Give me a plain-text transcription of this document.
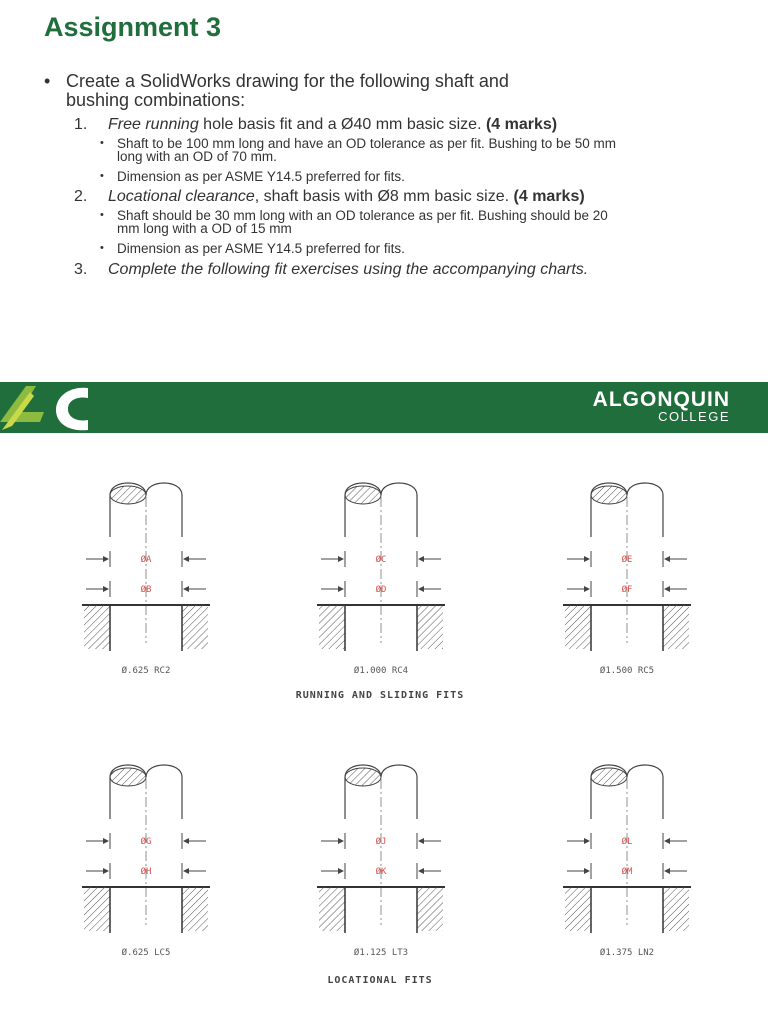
Assignment 3
• Create a SolidWorks drawing for the following shaft and
bushing combinations:
1. Free running hole basis fit and a Ø40 mm basic size. (4 marks)
• Shaft to be 100 mm long and have an OD tolerance as per fit. Bushing to be 50 mm
long with an OD of 70 mm.
• Dimension as per ASME Y14.5 preferred for fits.
2. Locational clearance, shaft basis with Ø8 mm basic size. (4 marks)
• Shaft should be 30 mm long with an OD tolerance as per fit. Bushing should be 20
mm long with a OD of 15 mm
• Dimension as per ASME Y14.5 preferred for fits.
3. Complete the following fit exercises using the accompanying charts.
ALGONQUIN
COLLEGE
ØA
ØB
Ø.625 RC2
ØC
ØD
Ø1.000 RC4
ØE
ØF
Ø1.500 RC5
ØG
ØH
Ø.625 LC5
ØJ
ØK
Ø1.125 LT3
ØL
ØM
Ø1.375 LN2
RUNNING AND SLIDING FITS
LOCATIONAL FITS
